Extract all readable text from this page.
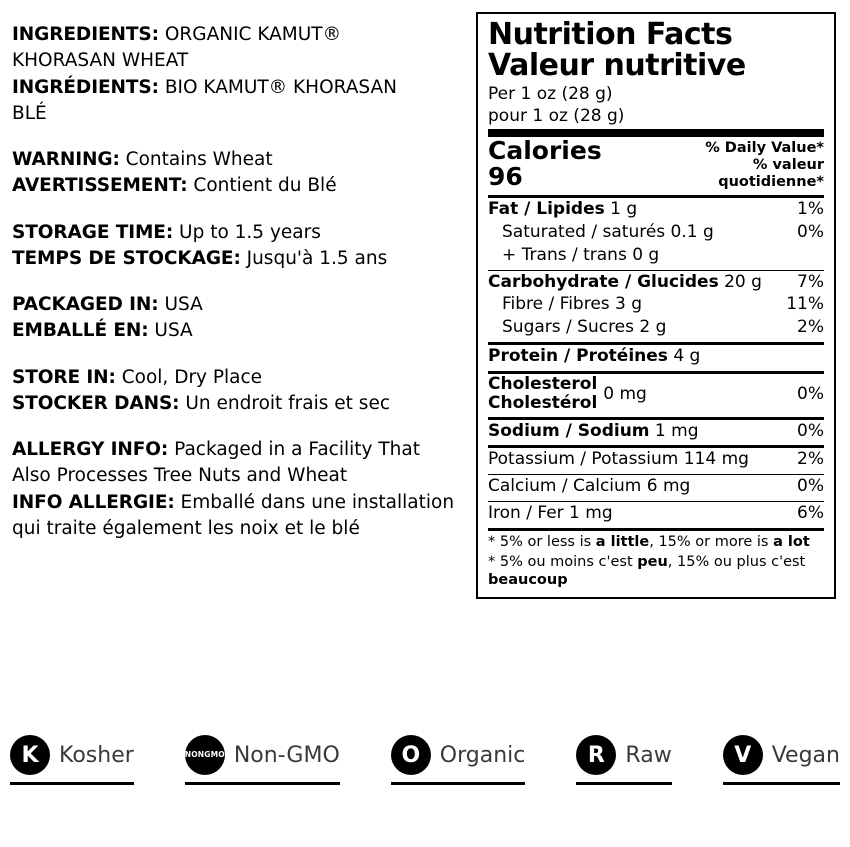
INGREDIENTS: ORGANIC KAMUT®
KHORASAN WHEAT
INGRÉDIENTS: BIO KAMUT® KHORASAN
BLÉ
WARNING: Contains Wheat
AVERTISSEMENT: Contient du Blé
STORAGE TIME: Up to 1.5 years
TEMPS DE STOCKAGE: Jusqu'à 1.5 ans
PACKAGED IN: USA
EMBALLÉ EN: USA
STORE IN: Cool, Dry Place
STOCKER DANS: Un endroit frais et sec
ALLERGY INFO: Packaged in a Facility That
Also Processes Tree Nuts and Wheat
INFO ALLERGIE: Emballé dans une installation
qui traite également les noix et le blé
Nutrition Facts
Valeur nutritive
Per 1 oz (28 g)
pour 1 oz (28 g)
Calories 96
% Daily Value*
% valeur quotidienne*
Fat / Lipides 1 g	1%
Saturated / saturés 0.1 g	0%
+ Trans / trans 0 g
Carbohydrate / Glucides 20 g	7%
Fibre / Fibres 3 g	11%
Sugars / Sucres 2 g	2%
Protein / Protéines 4 g
Cholesterol
Cholestérol 0 mg	0%
Sodium / Sodium 1 mg	0%
Potassium / Potassium 114 mg	2%
Calcium / Calcium 6 mg	0%
Iron / Fer 1 mg	6%
* 5% or less is a little, 15% or more is a lot
* 5% ou moins c'est peu, 15% ou plus c'est beaucoup
K Kosher	NON GMO Non-GMO	O Organic	R Raw	V Vegan
